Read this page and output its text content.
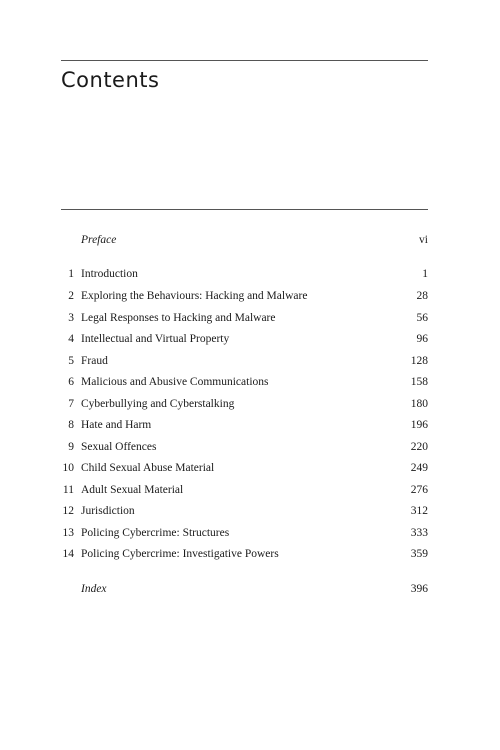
Contents
Preface	vi
1 Introduction	1
2 Exploring the Behaviours: Hacking and Malware	28
3 Legal Responses to Hacking and Malware	56
4 Intellectual and Virtual Property	96
5 Fraud	128
6 Malicious and Abusive Communications	158
7 Cyberbullying and Cyberstalking	180
8 Hate and Harm	196
9 Sexual Offences	220
10 Child Sexual Abuse Material	249
11 Adult Sexual Material	276
12 Jurisdiction	312
13 Policing Cybercrime: Structures	333
14 Policing Cybercrime: Investigative Powers	359
Index	396
